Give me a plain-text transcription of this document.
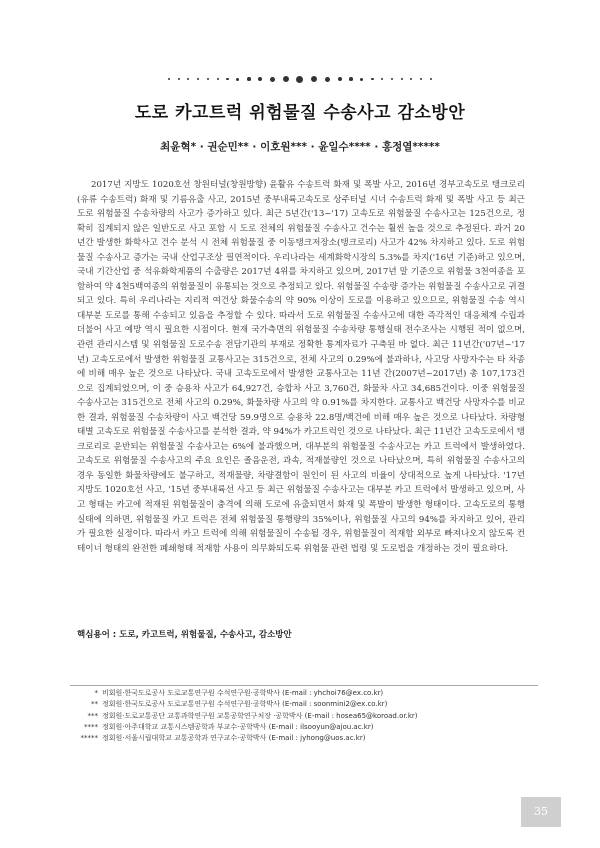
도로 카고트럭 위험물질 수송사고 감소방안
최윤혁* · 권순민** · 이호원*** · 윤일수**** · 홍정열*****

2017년 지방도 1020호선 창원터널(창원방향) 윤활유 수송트럭 화재 및 폭발 사고, 2016년 경부고속도로 탱크로리(유류 수송트럭) 화재 및 기름유출 사고, 2015년 중부내륙고속도로 상주터널 시너 수송트럭 화재 및 폭발 사고 등 최근 도로 위험물질 수송차량의 사고가 증가하고 있다. 최근 5년간('13~'17) 고속도로 위험물질 수송사고는 125건으로, 정확히 집계되지 않은 일반도로 사고 포함 시 도로 전체의 위험물질 수송사고 건수는 훨씬 높을 것으로 추정된다. 과거 20년간 발생한 화학사고 건수 분석 시 전체 위험물질 중 이동탱크저장소(탱크로리) 사고가 42% 차지하고 있다. 도로 위험물질 수송사고 증가는 국내 산업구조상 필연적이다. 우리나라는 세계화학시장의 5.3%를 차지('16년 기준)하고 있으며, 국내 기간산업 중 석유화학제품의 수출량은 2017년 4위를 차지하고 있으며, 2017년 말 기준으로 위험물 3천여종을 포함하여 약 4천5백여종의 위험물질이 유통되는 것으로 추정되고 있다. 위험물질 수송량 증가는 위험물질 수송사고로 귀결되고 있다. 특히 우리나라는 지리적 여건상 화물수송의 약 90% 이상이 도로를 이용하고 있으므로, 위험물질 수송 역시 대부분 도로를 통해 수송되고 있음을 추정할 수 있다. 따라서 도로 위험물질 수송사고에 대한 즉각적인 대응체계 수립과 더불어 사고 예방 역시 필요한 시점이다. 현재 국가측면의 위험물질 수송차량 통행실태 전수조사는 시행된 적이 없으며, 관련 관리시스템 및 위험물질 도로수송 전담기관의 부재로 정확한 통계자료가 구축된 바 없다. 최근 11년간('07년~'17년) 고속도로에서 발생한 위험물질 교통사고는 315건으로, 전체 사고의 0.29%에 불과하나, 사고당 사망자수는 타 차종에 비해 매우 높은 것으로 나타났다. 국내 고속도로에서 발생한 교통사고는 11년 간(2007년~2017년) 총 107,173건으로 집계되었으며, 이 중 승용차 사고가 64,927건, 승합차 사고 3,760건, 화물차 사고 34,685건이다. 이중 위험물질 수송사고는 315건으로 전체 사고의 0.29%, 화물차량 사고의 약 0.91%를 차지한다. 교통사고 백건당 사망자수를 비교한 결과, 위험물질 수송차량이 사고 백건당 59.9명으로 승용차 22.8명/백건에 비해 매우 높은 것으로 나타났다. 차량형태별 고속도로 위험물질 수송사고를 분석한 결과, 약 94%가 카고트럭인 것으로 나타났다. 최근 11년간 고속도로에서 탱크로리로 운반되는 위험물질 수송사고는 6%에 불과했으며, 대부분의 위험물질 수송사고는 카고 트럭에서 발생하였다. 고속도로 위험물질 수송사고의 주요 요인은 졸음운전, 과속, 적재불량인 것으로 나타났으며, 특히 위험물질 수송사고의 경우 동일한 화물차량에도 불구하고, 적재물량, 차량결함이 원인이 된 사고의 비율이 상대적으로 높게 나타났다. '17년 지방도 1020호선 사고, '15년 중부내륙선 사고 등 최근 위험물질 수송사고는 대부분 카고 트럭에서 발생하고 있으며, 사고 형태는 카고에 적재된 위험물질이 충격에 의해 도로에 유출되면서 화재 및 폭발이 발생한 형태이다. 고속도로의 통행실태에 의하면, 위험물질 카고 트럭은 전체 위험물질 통행량의 35%이나, 위험물질 사고의 94%를 차지하고 있어, 관리가 필요한 실정이다. 따라서 카고 트럭에 의해 위험물질이 수송될 경우, 위험물질이 적재함 외부로 빠져나오지 않도록 컨테이너 형태의 완전한 폐쇄형태 적재함 사용이 의무화되도록 위험물 관련 법령 및 도로법을 개정하는 것이 필요하다.

핵심용어 : 도로, 카고트럭, 위험물질, 수송사고, 감소방안
* 비회원·한국도로공사 도로교통연구원 수석연구원·공학박사 (E-mail : yhchoi76@ex.co.kr)
** 정회원·한국도로공사 도로교통연구원 수석연구원·공학박사 (E-mail : soonmini2@ex.co.kr)
*** 정회원·도로교통공단 교통과학연구원 교통공학연구처장 ·공학박사 (E-mail : hosea65@koroad.or.kr)
**** 정회원·아주대학교 교통시스템공학과 부교수·공학박사 (E-mail : ilsooyun@ajou.ac.kr)
***** 정회원·서울시립대학교 교통공학과 연구교수·공학박사 (E-mail : jyhong@uos.ac.kr)
35
